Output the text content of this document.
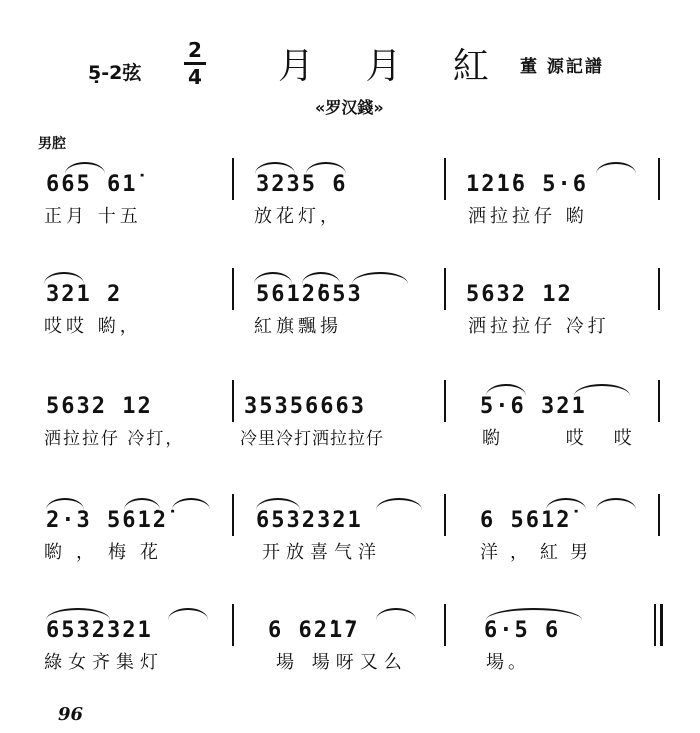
5̣-2弦
2
4 月 月 紅 董 源記譜
«罗汉錢»
男腔
665 61̇	3235 6	1̇2̇1̇6 5·6
正月 十五	放花灯，	洒拉拉仔 喲
321 2	561̇2̇653	5632 12
哎哎 喲，	紅旗飄揚	洒拉拉仔 冷打
5632 12	35356663	5·6 321
洒拉拉仔 冷打，	冷里冷打洒拉拉仔	喲 哎哎
2·3 561̇2̇	6532321	6 561̇2̇
喲，梅花	开放喜气洋	洋，紅男
6532321	6 62̇1̇7	6·5 6
綠女齐集灯	場 場呀又么	場。
96
